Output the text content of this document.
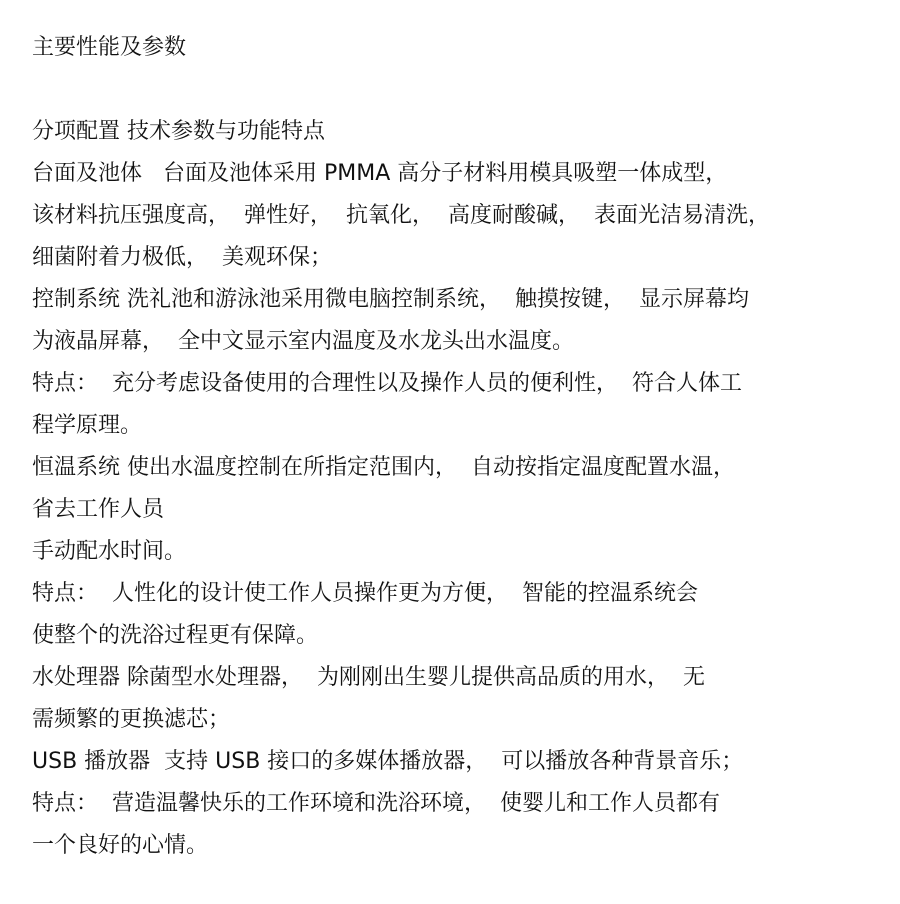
主要性能及参数
分项配置 技术参数与功能特点
台面及池体   台面及池体采用 PMMA 高分子材料用模具吸塑一体成型，
该材料抗压强度高，  弹性好，  抗氧化，  高度耐酸碱，  表面光洁易清洗，
细菌附着力极低，  美观环保；
控制系统 洗礼池和游泳池采用微电脑控制系统，  触摸按键，  显示屏幕均
为液晶屏幕，  全中文显示室内温度及水龙头出水温度。
特点：  充分考虑设备使用的合理性以及操作人员的便利性，  符合人体工
程学原理。
恒温系统 使出水温度控制在所指定范围内，  自动按指定温度配置水温，
省去工作人员
手动配水时间。
特点：  人性化的设计使工作人员操作更为方便，  智能的控温系统会
使整个的洗浴过程更有保障。
水处理器 除菌型水处理器，  为刚刚出生婴儿提供高品质的用水，  无
需频繁的更换滤芯；
USB 播放器  支持 USB 接口的多媒体播放器，  可以播放各种背景音乐；
特点：  营造温馨快乐的工作环境和洗浴环境，  使婴儿和工作人员都有
一个良好的心情。
